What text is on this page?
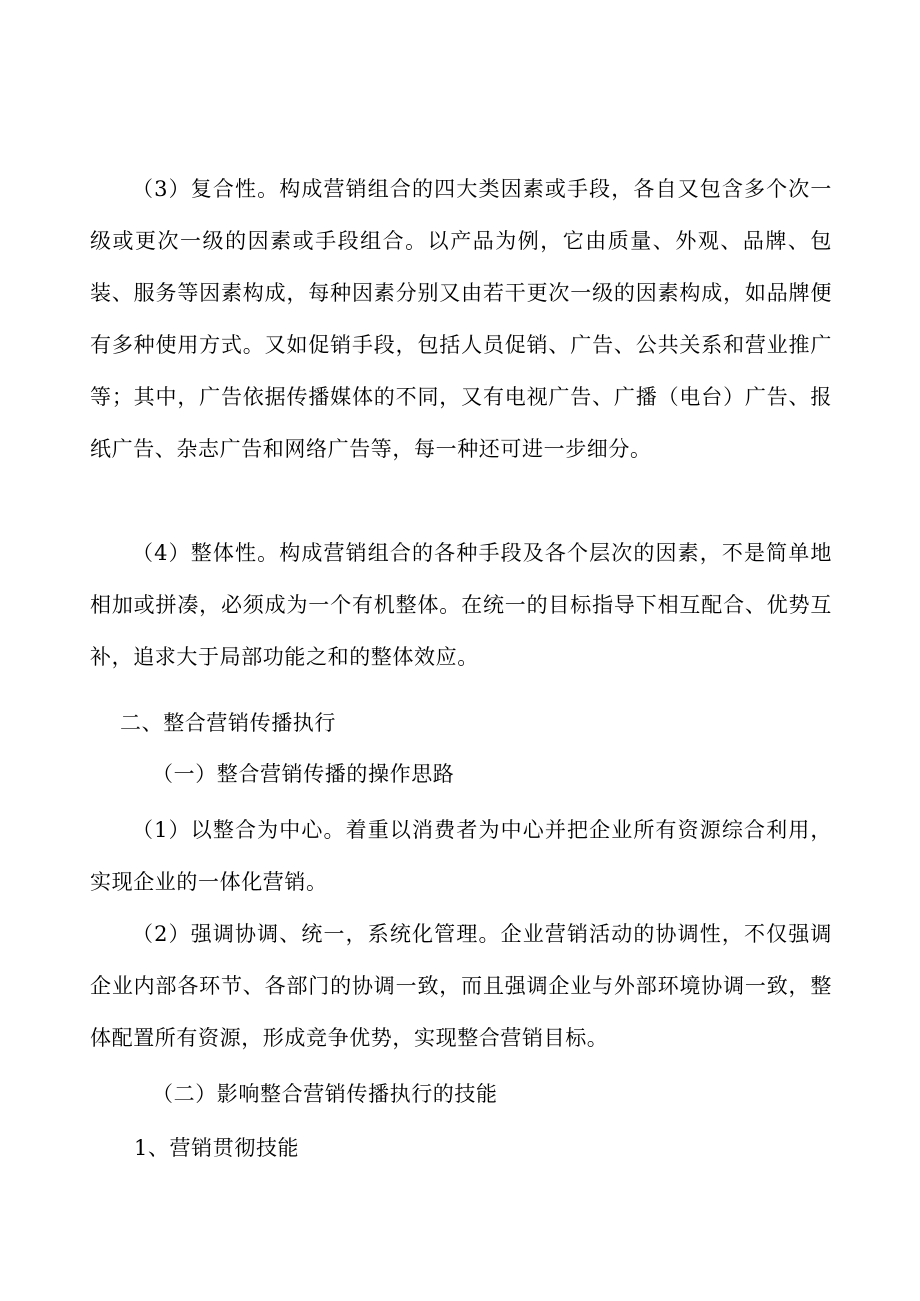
（3）复合性。构成营销组合的四大类因素或手段，各自又包含多个次一级或更次一级的因素或手段组合。以产品为例，它由质量、外观、品牌、包装、服务等因素构成，每种因素分别又由若干更次一级的因素构成，如品牌便有多种使用方式。又如促销手段，包括人员促销、广告、公共关系和营业推广等；其中，广告依据传播媒体的不同，又有电视广告、广播（电台）广告、报纸广告、杂志广告和网络广告等，每一种还可进一步细分。

（4）整体性。构成营销组合的各种手段及各个层次的因素，不是简单地相加或拼凑，必须成为一个有机整体。在统一的目标指导下相互配合、优势互补，追求大于局部功能之和的整体效应。

二、整合营销传播执行
（一）整合营销传播的操作思路

（1）以整合为中心。着重以消费者为中心并把企业所有资源综合利用，实现企业的一体化营销。

（2）强调协调、统一，系统化管理。企业营销活动的协调性，不仅强调企业内部各环节、各部门的协调一致，而且强调企业与外部环境协调一致，整体配置所有资源，形成竞争优势，实现整合营销目标。

（二）影响整合营销传播执行的技能
1、营销贯彻技能
